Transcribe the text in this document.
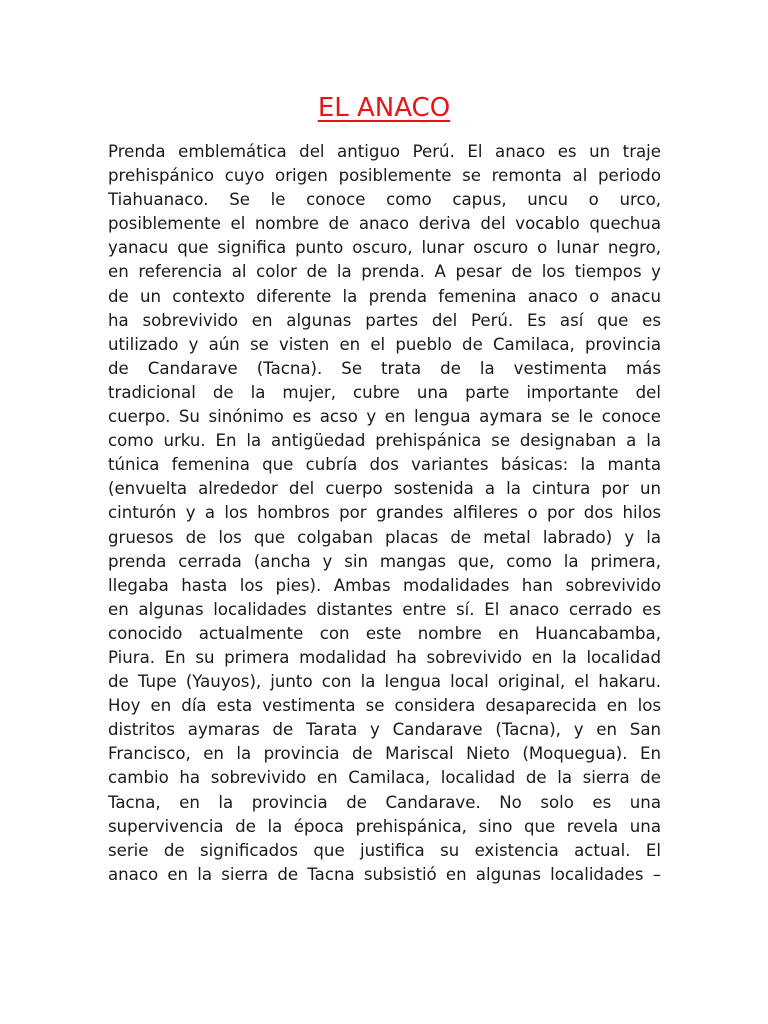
EL ANACO
Prenda emblemática del antiguo Perú. El anaco es un traje
prehispánico cuyo origen posiblemente se remonta al periodo
Tiahuanaco. Se le conoce como capus, uncu o urco,
posiblemente el nombre de anaco deriva del vocablo quechua
yanacu que significa punto oscuro, lunar oscuro o lunar negro,
en referencia al color de la prenda. A pesar de los tiempos y
de un contexto diferente la prenda femenina anaco o anacu
ha sobrevivido en algunas partes del Perú. Es así que es
utilizado y aún se visten en el pueblo de Camilaca, provincia
de Candarave (Tacna). Se trata de la vestimenta más
tradicional de la mujer, cubre una parte importante del
cuerpo. Su sinónimo es acso y en lengua aymara se le conoce
como urku. En la antigüedad prehispánica se designaban a la
túnica femenina que cubría dos variantes básicas: la manta
(envuelta alrededor del cuerpo sostenida a la cintura por un
cinturón y a los hombros por grandes alfileres o por dos hilos
gruesos de los que colgaban placas de metal labrado) y la
prenda cerrada (ancha y sin mangas que, como la primera,
llegaba hasta los pies). Ambas modalidades han sobrevivido
en algunas localidades distantes entre sí. El anaco cerrado es
conocido actualmente con este nombre en Huancabamba,
Piura. En su primera modalidad ha sobrevivido en la localidad
de Tupe (Yauyos), junto con la lengua local original, el hakaru.
Hoy en día esta vestimenta se considera desaparecida en los
distritos aymaras de Tarata y Candarave (Tacna), y en San
Francisco, en la provincia de Mariscal Nieto (Moquegua). En
cambio ha sobrevivido en Camilaca, localidad de la sierra de
Tacna, en la provincia de Candarave. No solo es una
supervivencia de la época prehispánica, sino que revela una
serie de significados que justifica su existencia actual. El
anaco en la sierra de Tacna subsistió en algunas localidades –
